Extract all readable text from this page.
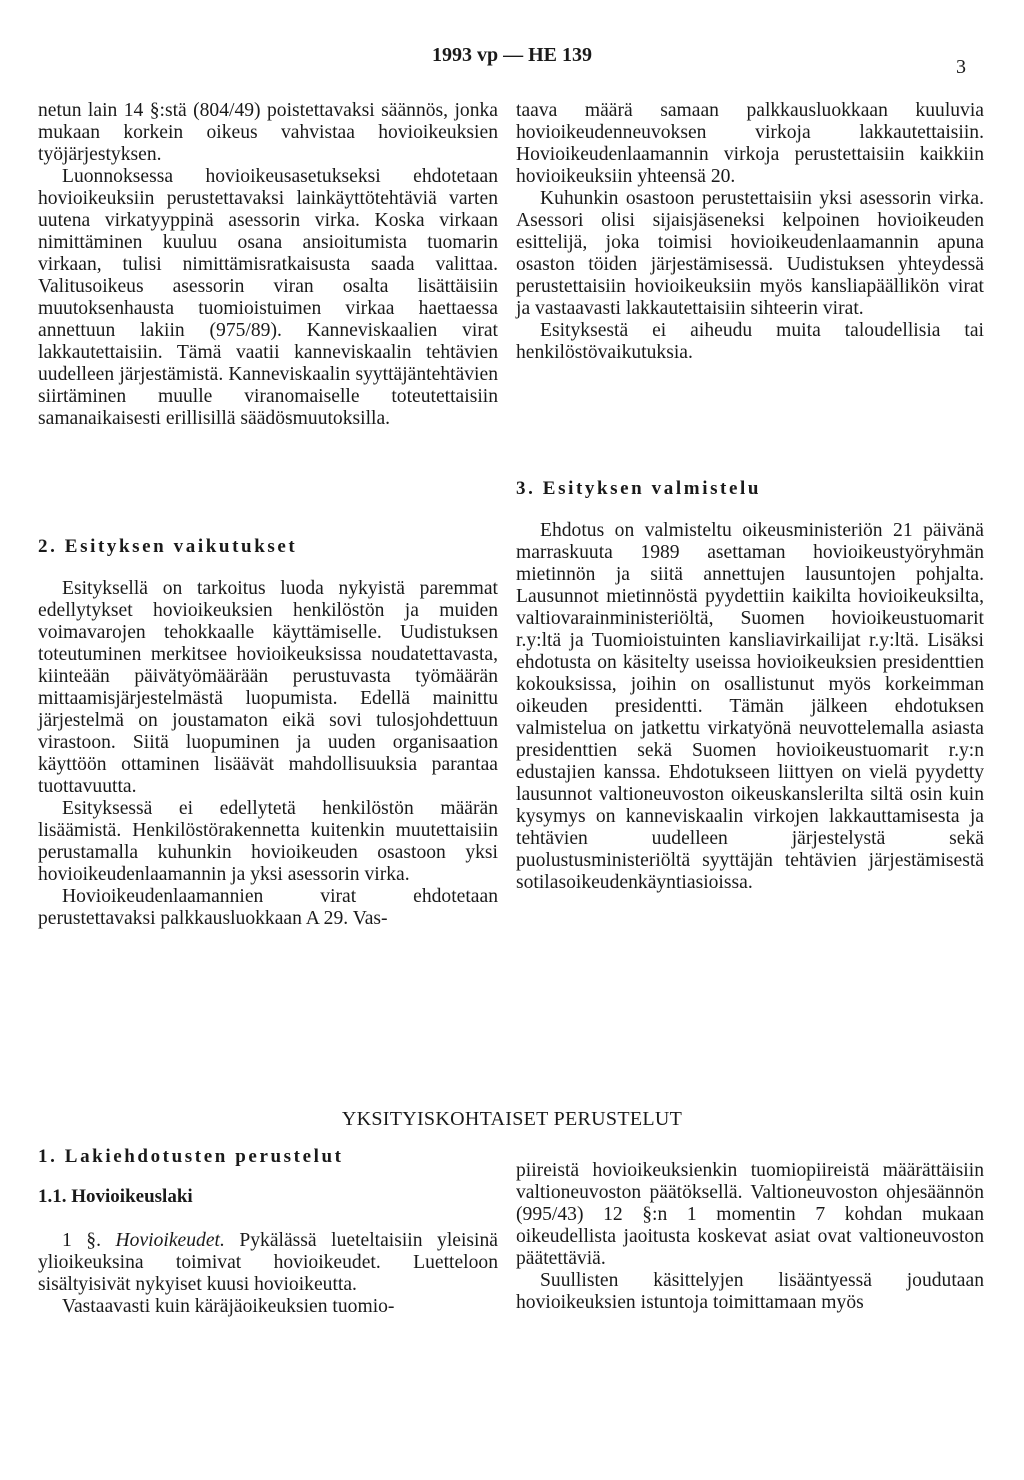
1993 vp — HE 139
3

netun lain 14 §:stä (804/49) poistettavaksi säännös, jonka mukaan korkein oikeus vahvistaa hovioikeuksien työjärjestyksen.

Luonnoksessa hovioikeusasetukseksi ehdotetaan hovioikeuksiin perustettavaksi lainkäyttötehtäviä varten uutena virkatyyppinä asessorin virka. Koska virkaan nimittäminen kuuluu osana ansioitumista tuomarin virkaan, tulisi nimittämisratkaisusta saada valittaa. Valitusoikeus asessorin viran osalta lisättäisiin muutoksenhausta tuomioistuimen virkaa haettaessa annettuun lakiin (975/89). Kanneviskaalien virat lakkautettaisiin. Tämä vaatii kanneviskaalin tehtävien uudelleen järjestämistä. Kanneviskaalin syyttäjäntehtävien siirtäminen muulle viranomaiselle toteutettaisiin samanaikaisesti erillisillä säädösmuutoksilla.

2. Esityksen vaikutukset

Esityksellä on tarkoitus luoda nykyistä paremmat edellytykset hovioikeuksien henkilöstön ja muiden voimavarojen tehokkaalle käyttämiselle. Uudistuksen toteutuminen merkitsee hovioikeuksissa noudatettavasta, kiinteään päivätyömäärään perustuvasta työmäärän mittaamisjärjestelmästä luopumista. Edellä mainittu järjestelmä on joustamaton eikä sovi tulosjohdettuun virastoon. Siitä luopuminen ja uuden organisaation käyttöön ottaminen lisäävät mahdollisuuksia parantaa tuottavuutta.

Esityksessä ei edellytetä henkilöstön määrän lisäämistä. Henkilöstörakennetta kuitenkin muutettaisiin perustamalla kuhunkin hovioikeuden osastoon yksi hovioikeudenlaamannin ja yksi asessorin virka.

Hovioikeudenlaamannien virat ehdotetaan perustettavaksi palkkausluokkaan A 29. Vas-

taava määrä samaan palkkausluokkaan kuuluvia hovioikeudenneuvoksen virkoja lakkautettaisiin. Hovioikeudenlaamannin virkoja perustettaisiin kaikkiin hovioikeuksiin yhteensä 20.

Kuhunkin osastoon perustettaisiin yksi asessorin virka. Asessori olisi sijaisjäseneksi kelpoinen hovioikeuden esittelijä, joka toimisi hovioikeudenlaamannin apuna osaston töiden järjestämisessä. Uudistuksen yhteydessä perustettaisiin hovioikeuksiin myös kansliapäällikön virat ja vastaavasti lakkautettaisiin sihteerin virat.

Esityksestä ei aiheudu muita taloudellisia tai henkilöstövaikutuksia.

3. Esityksen valmistelu

Ehdotus on valmisteltu oikeusministeriön 21 päivänä marraskuuta 1989 asettaman hovioikeustyöryhmän mietinnön ja siitä annettujen lausuntojen pohjalta. Lausunnot mietinnöstä pyydettiin kaikilta hovioikeuksilta, valtiovarainministeriöltä, Suomen hovioikeustuomarit r.y:ltä ja Tuomioistuinten kansliavirkailijat r.y:ltä. Lisäksi ehdotusta on käsitelty useissa hovioikeuksien presidenttien kokouksissa, joihin on osallistunut myös korkeimman oikeuden presidentti. Tämän jälkeen ehdotuksen valmistelua on jatkettu virkatyönä neuvottelemalla asiasta presidenttien sekä Suomen hovioikeustuomarit r.y:n edustajien kanssa. Ehdotukseen liittyen on vielä pyydetty lausunnot valtioneuvoston oikeuskanslerilta siltä osin kuin kysymys on kanneviskaalin virkojen lakkauttamisesta ja tehtävien uudelleen järjestelystä sekä puolustusministeriöltä syyttäjän tehtävien järjestämisestä sotilasoikeudenkäyntiasioissa.

YKSITYISKOHTAISET PERUSTELUT

1. Lakiehdotusten perustelut

1.1. Hovioikeuslaki

1 §. Hovioikeudet. Pykälässä lueteltaisiin yleisinä ylioikeuksina toimivat hovioikeudet. Luetteloon sisältyisivät nykyiset kuusi hovioikeutta.

Vastaavasti kuin käräjäoikeuksien tuomio-

piireistä hovioikeuksienkin tuomiopiireistä määrättäisiin valtioneuvoston päätöksellä. Valtioneuvoston ohjesäännön (995/43) 12 §:n 1 momentin 7 kohdan mukaan oikeudellista jaoitusta koskevat asiat ovat valtioneuvoston päätettäviä.

Suullisten käsittelyjen lisääntyessä joudutaan hovioikeuksien istuntoja toimittamaan myös
